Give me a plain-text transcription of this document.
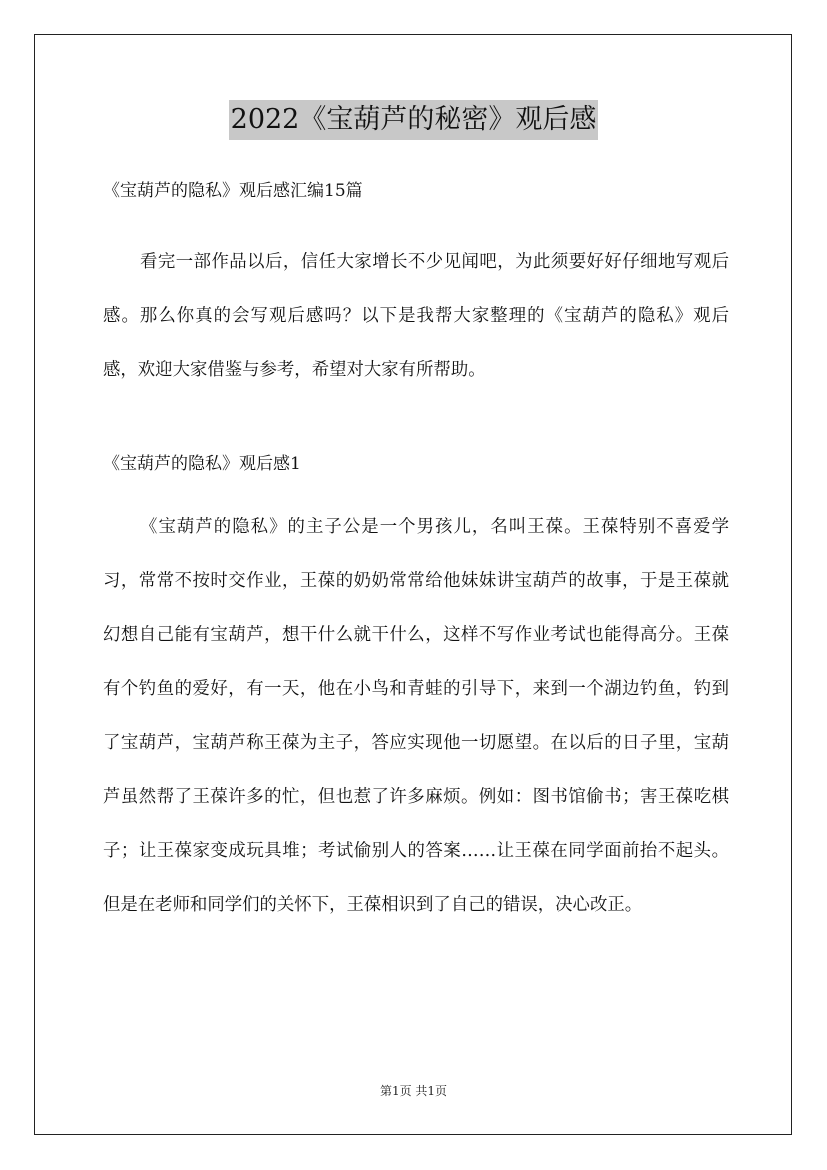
2022《宝葫芦的秘密》观后感
《宝葫芦的隐私》观后感汇编15篇

看完一部作品以后，信任大家增长不少见闻吧，为此须要好好仔细地写观后感。那么你真的会写观后感吗？以下是我帮大家整理的《宝葫芦的隐私》观后感，欢迎大家借鉴与参考，希望对大家有所帮助。

《宝葫芦的隐私》观后感1

《宝葫芦的隐私》的主子公是一个男孩儿，名叫王葆。王葆特别不喜爱学习，常常不按时交作业，王葆的奶奶常常给他妹妹讲宝葫芦的故事，于是王葆就幻想自己能有宝葫芦，想干什么就干什么，这样不写作业考试也能得高分。王葆有个钓鱼的爱好，有一天，他在小鸟和青蛙的引导下，来到一个湖边钓鱼，钓到了宝葫芦，宝葫芦称王葆为主子，答应实现他一切愿望。在以后的日子里，宝葫芦虽然帮了王葆许多的忙，但也惹了许多麻烦。例如：图书馆偷书；害王葆吃棋子；让王葆家变成玩具堆；考试偷别人的答案……让王葆在同学面前抬不起头。但是在老师和同学们的关怀下，王葆相识到了自己的错误，决心改正。

第1页 共1页
